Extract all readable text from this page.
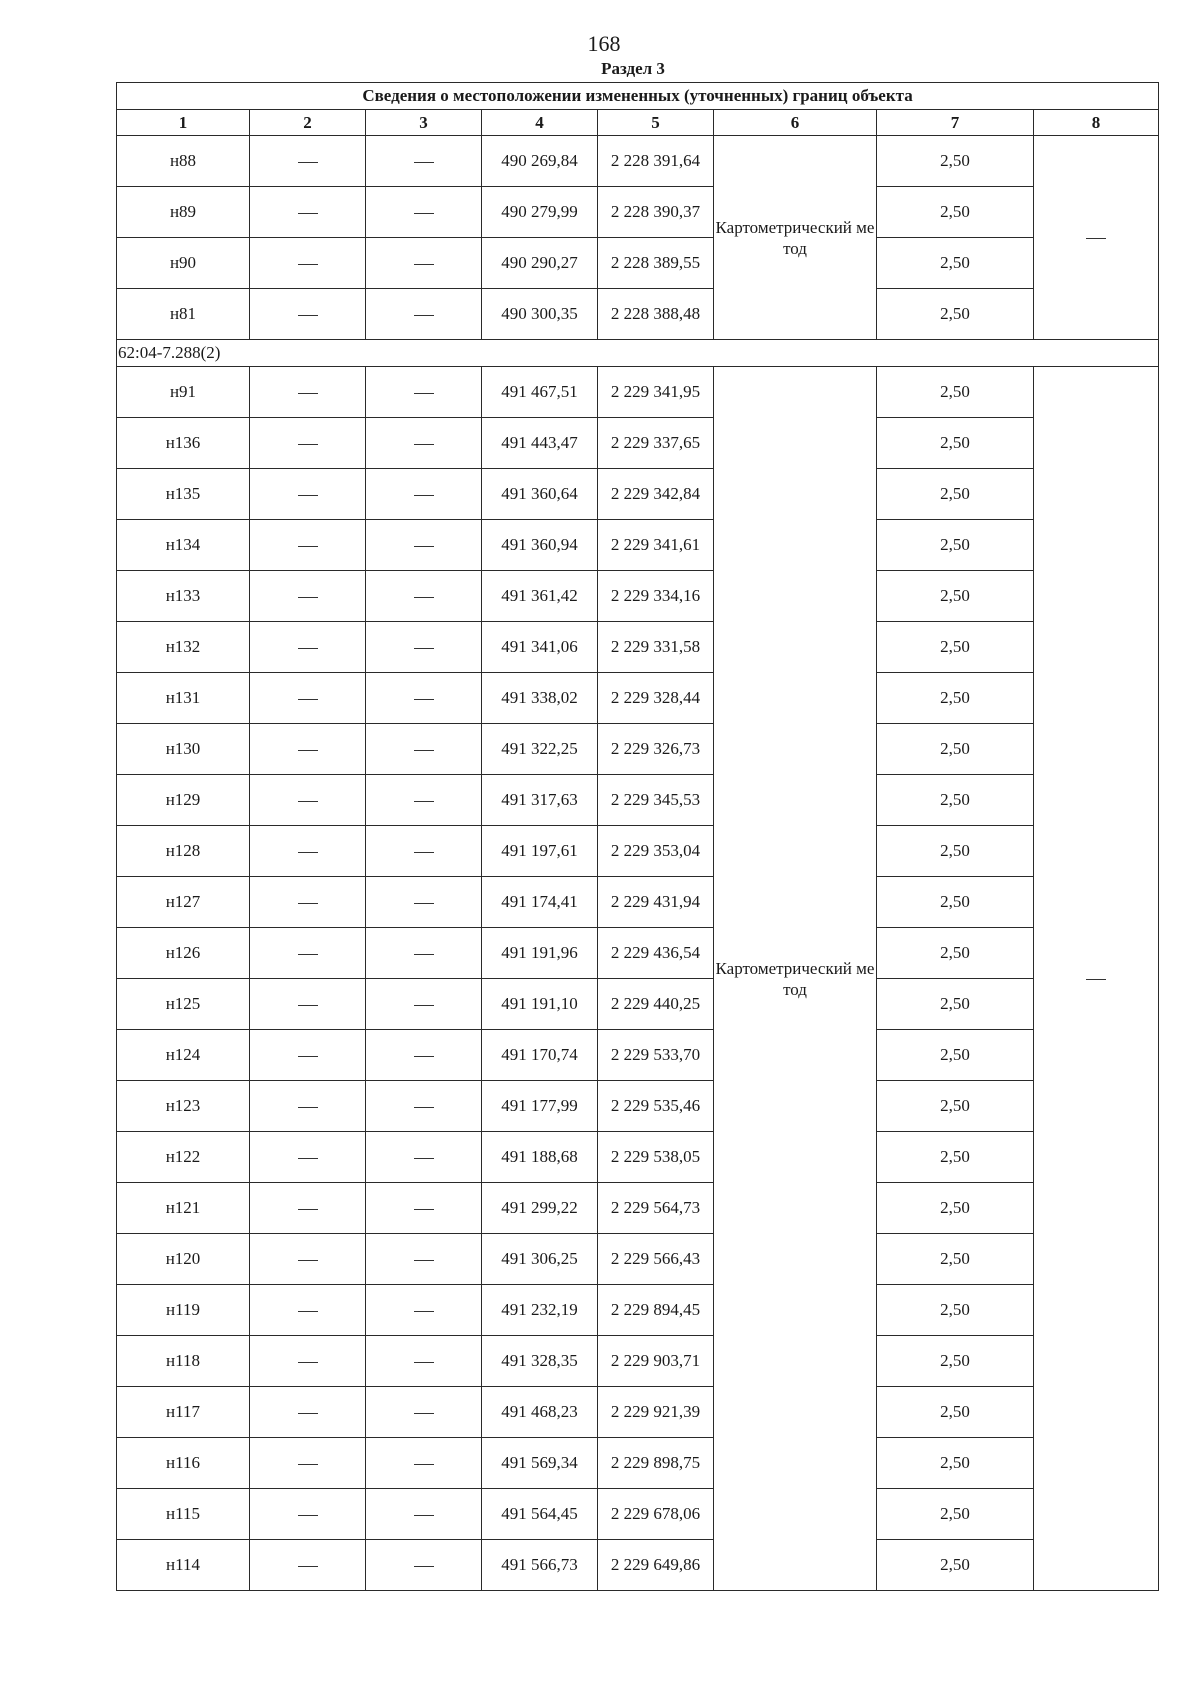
168
Раздел 3
Сведения о местоположении измененных (уточненных) границ объекта							
1	2	3	4	5	6	7	8
н88			490 269,84	2 228 391,64	Картометрический метод	2,50	
н89			490 279,99	2 228 390,37		2,50	
н90			490 290,27	2 228 389,55		2,50	
н81			490 300,35	2 228 388,48		2,50	
62:04-7.288(2)							
н91			491 467,51	2 229 341,95	Картометрический метод	2,50	
н136			491 443,47	2 229 337,65		2,50	
н135			491 360,64	2 229 342,84		2,50	
н134			491 360,94	2 229 341,61		2,50	
н133			491 361,42	2 229 334,16		2,50	
н132			491 341,06	2 229 331,58		2,50	
н131			491 338,02	2 229 328,44		2,50	
н130			491 322,25	2 229 326,73		2,50	
н129			491 317,63	2 229 345,53		2,50	
н128			491 197,61	2 229 353,04		2,50	
н127			491 174,41	2 229 431,94		2,50	
н126			491 191,96	2 229 436,54		2,50	
н125			491 191,10	2 229 440,25		2,50	
н124			491 170,74	2 229 533,70		2,50	
н123			491 177,99	2 229 535,46		2,50	
н122			491 188,68	2 229 538,05		2,50	
н121			491 299,22	2 229 564,73		2,50	
н120			491 306,25	2 229 566,43		2,50	
н119			491 232,19	2 229 894,45		2,50	
н118			491 328,35	2 229 903,71		2,50	
н117			491 468,23	2 229 921,39		2,50	
н116			491 569,34	2 229 898,75		2,50	
н115			491 564,45	2 229 678,06		2,50	
н114			491 566,73	2 229 649,86		2,50	
